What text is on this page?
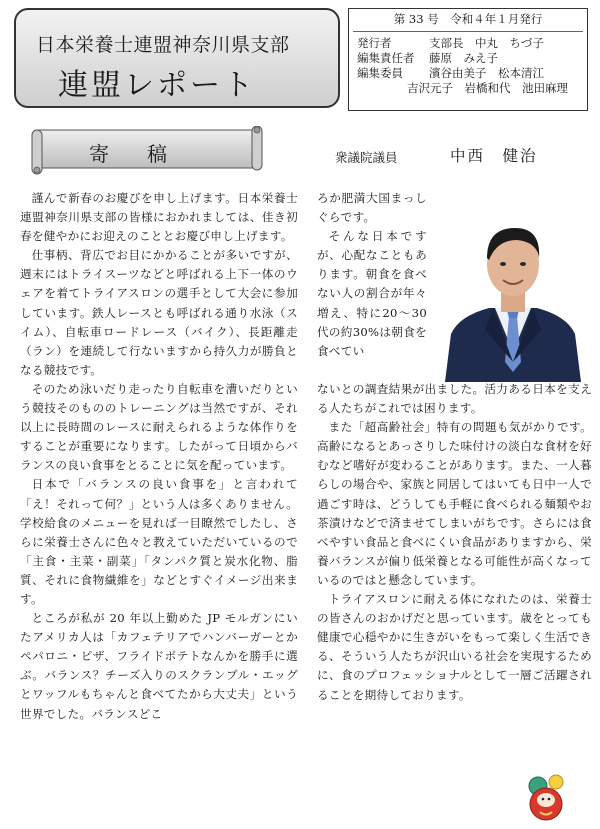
日本栄養士連盟神奈川県支部
連盟レポート
第 33 号　令和４年１月発行
発行者	支部長　中丸　ちづ子
編集責任者 藤原　みえ子
編集委員 濱谷由美子　松本清江
吉沢元子　岩橋和代　池田麻理
寄稿	衆議院議員	中西　健治

謹んで新春のお慶びを申し上げます。日本栄養士連盟神奈川県支部の皆様におかれましては、佳き初春を健やかにお迎えのこととお慶び申し上げます。

仕事柄、背広でお目にかかることが多いですが、週末にはトライスーツなどと呼ばれる上下一体のウェアを着てトライアスロンの選手として大会に参加しています。鉄人レースとも呼ばれる通り水泳（スイム）、自転車ロードレース（バイク）、長距離走（ラン）を連続して行ないますから持久力が勝負となる競技です。

そのため泳いだり走ったり自転車を漕いだりという競技そのもののトレーニングは当然ですが、それ以上に長時間のレースに耐えられるような体作りをすることが重要になります。したがって日頃からバランスの良い食事をとることに気を配っています。

日本で「バランスの良い食事を」と言われて「え！それって何？」という人は多くありません。学校給食のメニューを見れば一目瞭然でしたし、さらに栄養士さんに色々と教えていただいているので「主食・主菜・副菜」「タンパク質と炭水化物、脂質、それに食物繊維を」などとすぐイメージ出来ます。

ところが私が 20 年以上勤めた JP モルガンにいたアメリカ人は「カフェテリアでハンバーガーとかペパロニ・ピザ、フライドポテトなんかを勝手に選ぶ。バランス？チーズ入りのスクランブル・エッグとワッフルもちゃんと食べてたから大丈夫」という世界でした。バランスどこ

ろか肥満大国まっしぐらです。

そんな日本ですが、心配なこともあります。朝食を食べない人の割合が年々増え、特に20～30代の約30%は朝食を食べてい

ないとの調査結果が出ました。活力ある日本を支える人たちがこれでは困ります。

また「超高齢社会」特有の問題も気がかりです。高齢になるとあっさりした味付けの淡白な食材を好むなど嗜好が変わることがあります。また、一人暮らしの場合や、家族と同居してはいても日中一人で過ごす時は、どうしても手軽に食べられる麺類やお茶漬けなどで済ませてしまいがちです。さらには食べやすい食品と食べにくい食品がありますから、栄養バランスが偏り低栄養となる可能性が高くなっているのではと懸念しています。

トライアスロンに耐える体になれたのは、栄養士の皆さんのおかげだと思っています。歳をとっても健康で心穏やかに生きがいをもって楽しく生活できる、そういう人たちが沢山いる社会を実現するために、食のプロフェッショナルとして一層ご活躍されることを期待しております。
